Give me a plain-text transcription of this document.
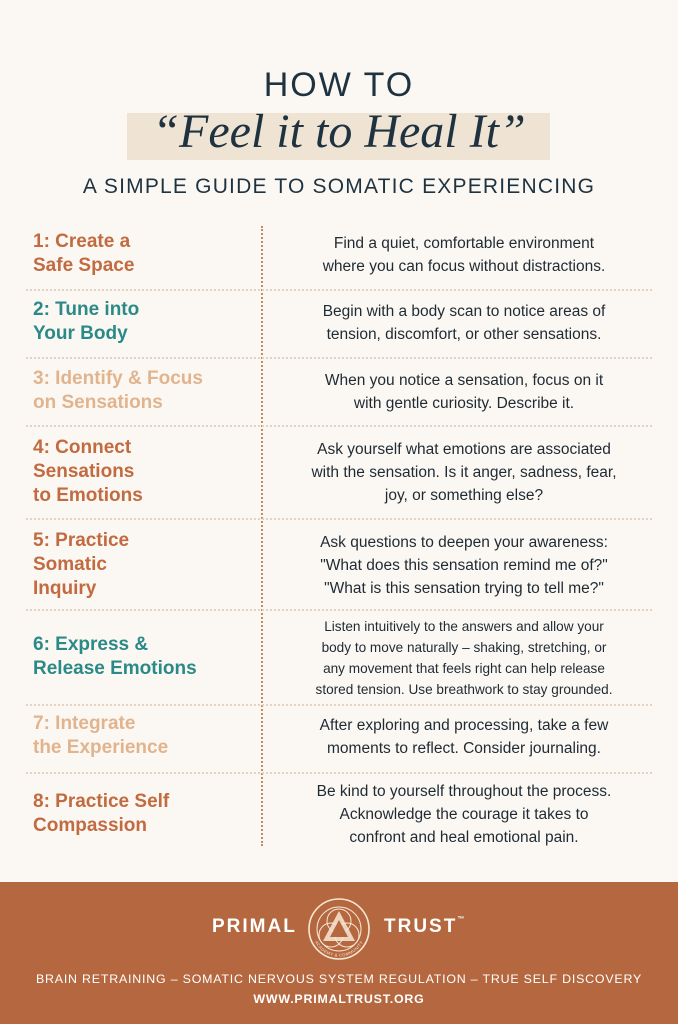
HOW TO
“Feel it to Heal It”
A SIMPLE GUIDE TO SOMATIC EXPERIENCING
1: Create a
Safe Space
Find a quiet, comfortable environment
where you can focus without distractions.
2: Tune into
Your Body
Begin with a body scan to notice areas of
tension, discomfort, or other sensations.
3: Identify & Focus
on Sensations
When you notice a sensation, focus on it
with gentle curiosity. Describe it.
4: Connect
Sensations
to Emotions
Ask yourself what emotions are associated
with the sensation. Is it anger, sadness, fear,
joy, or something else?
5: Practice
Somatic
Inquiry
Ask questions to deepen your awareness:
"What does this sensation remind me of?"
"What is this sensation trying to tell me?"
6: Express &
Release Emotions
Listen intuitively to the answers and allow your
body to move naturally – shaking, stretching, or
any movement that feels right can help release
stored tension. Use breathwork to stay grounded.
7: Integrate
the Experience
After exploring and processing, take a few
moments to reflect. Consider journaling.
8: Practice Self
Compassion
Be kind to yourself throughout the process.
Acknowledge the courage it takes to
confront and heal emotional pain.
PRIMAL
ACADEMY & COMMUNITY
TRUST™
BRAIN RETRAINING – SOMATIC NERVOUS SYSTEM REGULATION – TRUE SELF DISCOVERY
WWW.PRIMALTRUST.ORG
